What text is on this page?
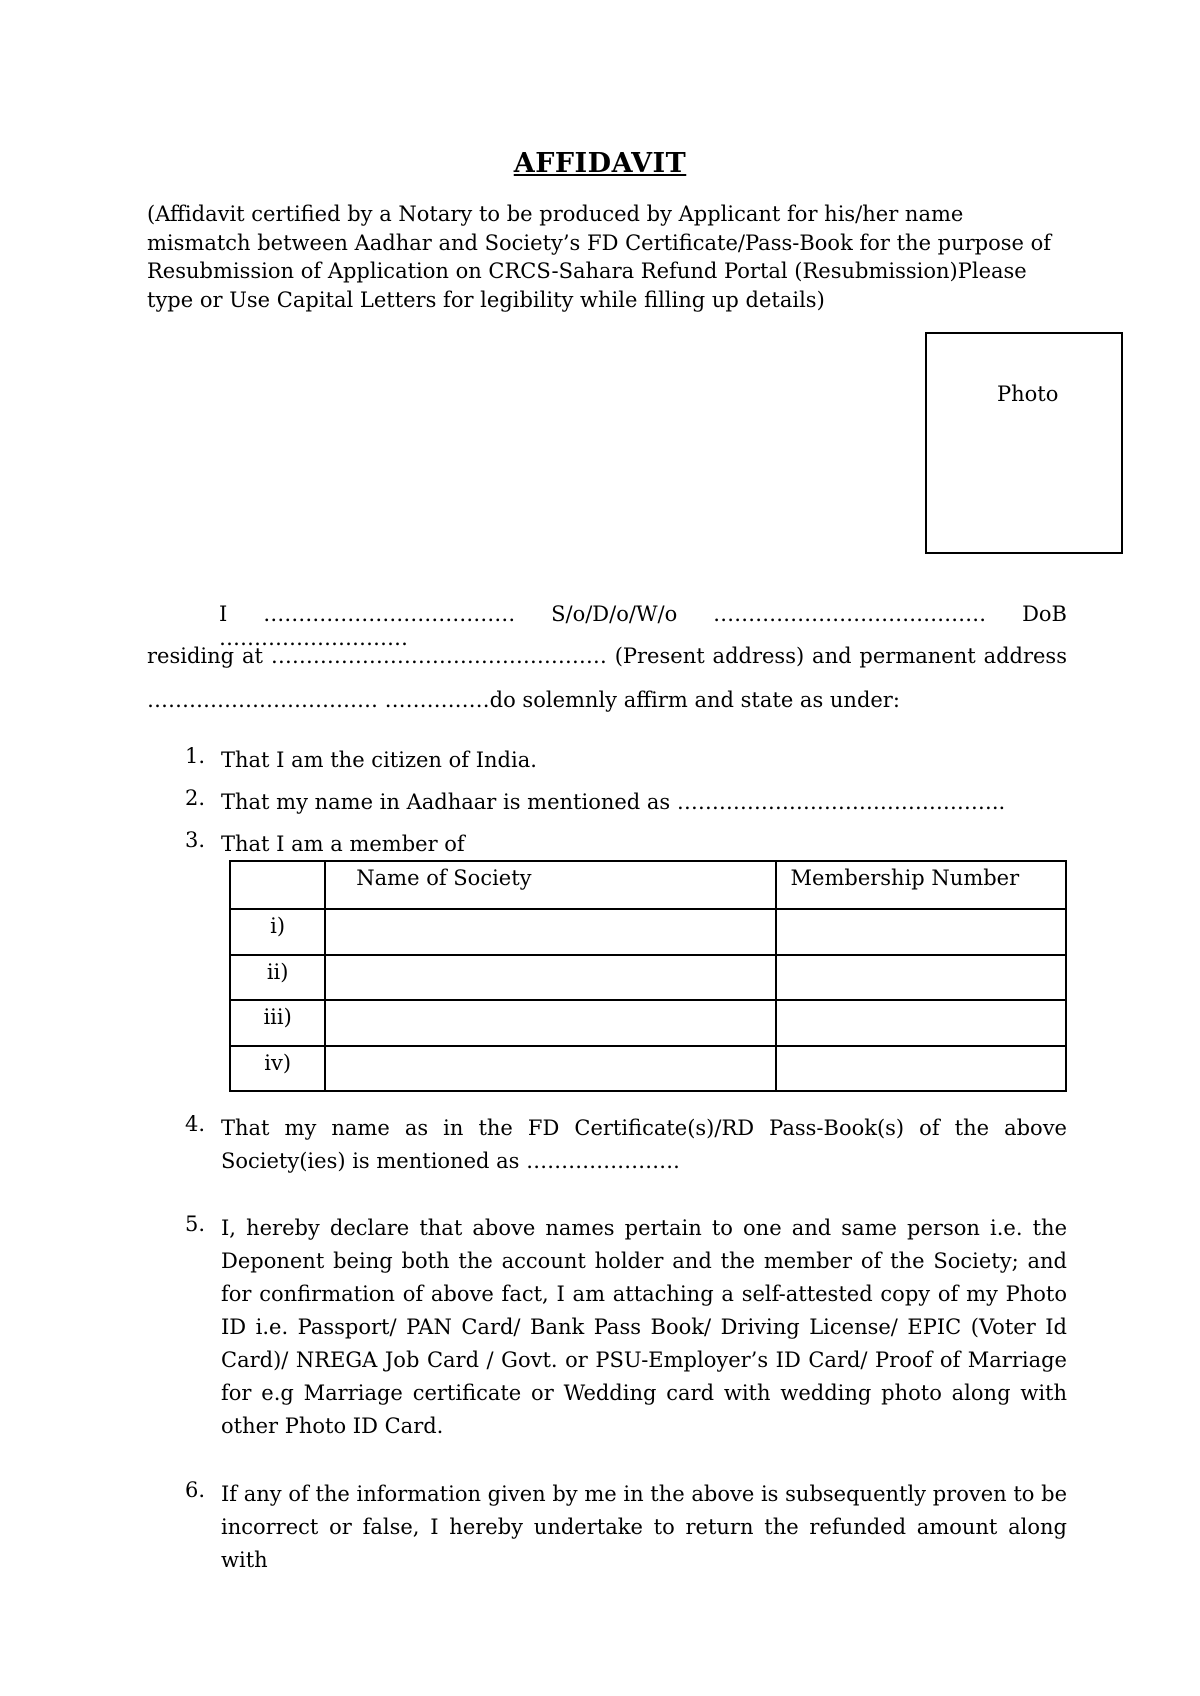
AFFIDAVIT
(Affidavit certified by a Notary to be produced by Applicant for his/her name mismatch between Aadhar and Society’s FD Certificate/Pass-Book for the purpose of Resubmission of Application on CRCS-Sahara Refund Portal (Resubmission)Please type or Use Capital Letters for legibility while filling up details)
Photo
I ……………………………… S/o/D/o/W/o ………………………………… DoB ………………………
residing at ………………………………………… (Present address) and permanent address
…………………………… ……………do solemnly affirm and state as under:
1. That I am the citizen of India.
2. That my name in Aadhaar is mentioned as ………………………………………..
3. That I am a member of
4. That my name as in the FD Certificate(s)/RD Pass-Book(s) of the above Society(ies) is mentioned as ………………….
5. I, hereby declare that above names pertain to one and same person i.e. the Deponent being both the account holder and the member of the Society; and for confirmation of above fact, I am attaching a self-attested copy of my Photo ID i.e. Passport/ PAN Card/ Bank Pass Book/ Driving License/ EPIC (Voter Id Card)/ NREGA Job Card / Govt. or PSU-Employer’s ID Card/ Proof of Marriage for e.g Marriage certificate or Wedding card with wedding photo along with other Photo ID Card.
6. If any of the information given by me in the above is subsequently proven to be incorrect or false, I hereby undertake to return the refunded amount along with
	Name of Society	Membership Number
i)		
ii)		
iii)		
iv)		
